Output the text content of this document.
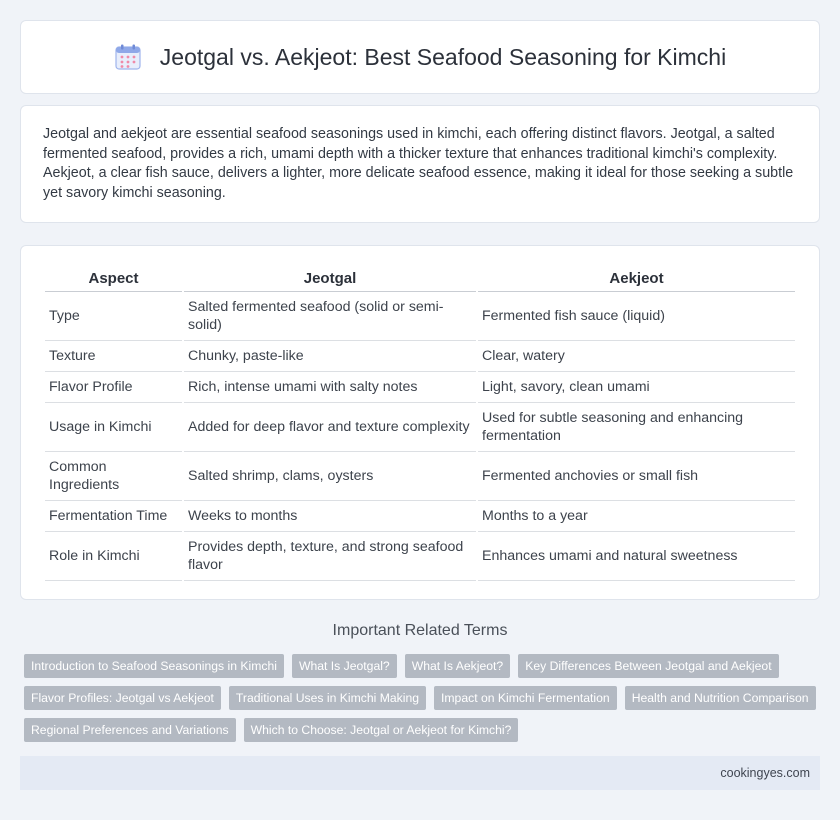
Jeotgal vs. Aekjeot: Best Seafood Seasoning for Kimchi

Jeotgal and aekjeot are essential seafood seasonings used in kimchi, each offering distinct flavors. Jeotgal, a salted fermented seafood, provides a rich, umami depth with a thicker texture that enhances traditional kimchi's complexity. Aekjeot, a clear fish sauce, delivers a lighter, more delicate seafood essence, making it ideal for those seeking a subtle yet savory kimchi seasoning.

Aspect	Jeotgal	Aekjeot
Type	Salted fermented seafood (solid or semi-solid)	Fermented fish sauce (liquid)
Texture	Chunky, paste-like	Clear, watery
Flavor Profile	Rich, intense umami with salty notes	Light, savory, clean umami
Usage in Kimchi	Added for deep flavor and texture complexity	Used for subtle seasoning and enhancing fermentation
Common Ingredients	Salted shrimp, clams, oysters	Fermented anchovies or small fish
Fermentation Time	Weeks to months	Months to a year
Role in Kimchi	Provides depth, texture, and strong seafood flavor	Enhances umami and natural sweetness
Important Related Terms
Introduction to Seafood Seasonings in Kimchi	What Is Jeotgal?	What Is Aekjeot?	Key Differences Between Jeotgal and Aekjeot
Flavor Profiles: Jeotgal vs Aekjeot	Traditional Uses in Kimchi Making	Impact on Kimchi Fermentation	Health and Nutrition Comparison
Regional Preferences and Variations	Which to Choose: Jeotgal or Aekjeot for Kimchi?
cookingyes.com
